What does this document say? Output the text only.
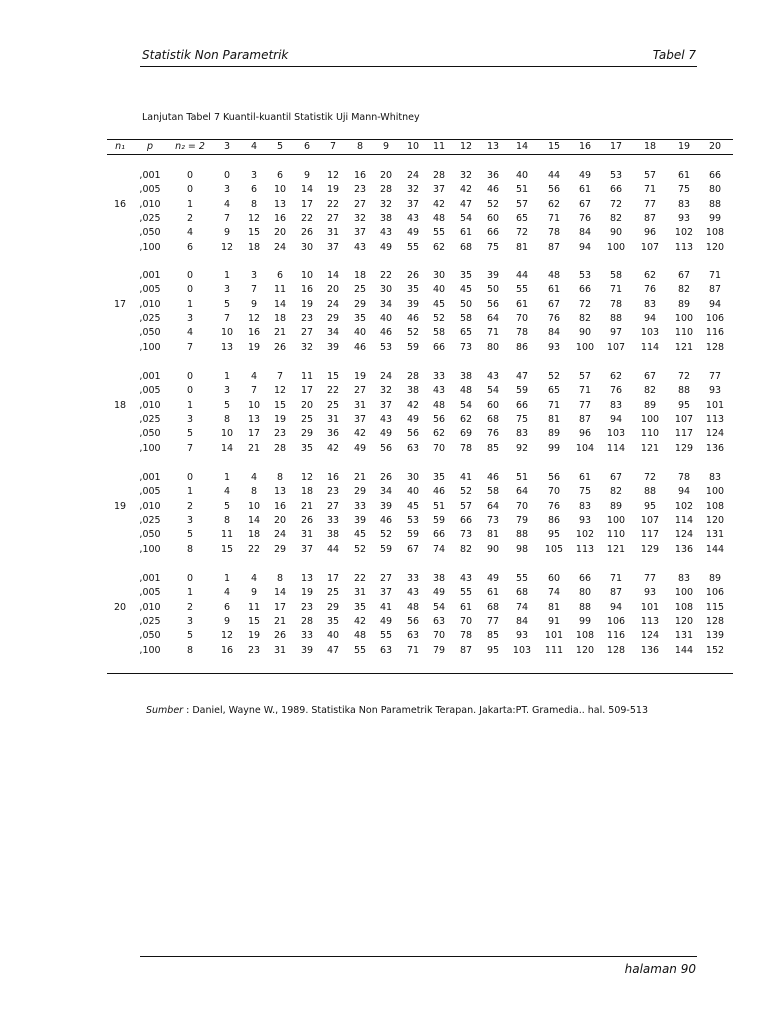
Statistik Non Parametrik	Tabel 7
Lanjutan Tabel 7 Kuantil-kuantil Statistik Uji Mann-Whitney
n₁ p n₂ = 2 3 4 5 6 7 8 9 10 11 12 13 14 15 16 17 18 19 20
16
,001	0	0 3 6 9 12 16 20 24 28 32 36 40 44 49 53 57 61 66
,005	0	3 6 10 14 19 23 28 32 37 42 46 51 56 61 66 71 75 80
,010	1	4 8 13 17 22 27 32 37 42 47 52 57 62 67 72 77 83 88
,025	2	7 12 16 22 27 32 38 43 48 54 60 65 71 76 82 87 93 99
,050	4	9 15 20 26 31 37 43 49 55 61 66 72 78 84 90 96 102 108
,100	6	12 18 24 30 37 43 49 55 62 68 75 81 87 94 100 107 113 120
17
,001	0	1 3 6 10 14 18 22 26 30 35 39 44 48 53 58 62 67 71
,005	0	3 7 11 16 20 25 30 35 40 45 50 55 61 66 71 76 82 87
,010	1	5 9 14 19 24 29 34 39 45 50 56 61 67 72 78 83 89 94
,025	3	7 12 18 23 29 35 40 46 52 58 64 70 76 82 88 94 100 106
,050	4	10 16 21 27 34 40 46 52 58 65 71 78 84 90 97 103 110 116
,100	7	13 19 26 32 39 46 53 59 66 73 80 86 93 100 107 114 121 128
18
,001	0	1 4 7 11 15 19 24 28 33 38 43 47 52 57 62 67 72 77
,005	0	3 7 12 17 22 27 32 38 43 48 54 59 65 71 76 82 88 93
,010	1	5 10 15 20 25 31 37 42 48 54 60 66 71 77 83 89 95 101
,025	3	8 13 19 25 31 37 43 49 56 62 68 75 81 87 94 100 107 113
,050	5	10 17 23 29 36 42 49 56 62 69 76 83 89 96 103 110 117 124
,100	7	14 21 28 35 42 49 56 63 70 78 85 92 99 104 114 121 129 136
19
,001	0	1 4 8 12 16 21 26 30 35 41 46 51 56 61 67 72 78 83
,005	1	4 8 13 18 23 29 34 40 46 52 58 64 70 75 82 88 94 100
,010	2	5 10 16 21 27 33 39 45 51 57 64 70 76 83 89 95 102 108
,025	3	8 14 20 26 33 39 46 53 59 66 73 79 86 93 100 107 114 120
,050	5	11 18 24 31 38 45 52 59 66 73 81 88 95 102 110 117 124 131
,100	8	15 22 29 37 44 52 59 67 74 82 90 98 105 113 121 129 136 144
20
,001	0	1 4 8 13 17 22 27 33 38 43 49 55 60 66 71 77 83 89
,005	1	4 9 14 19 25 31 37 43 49 55 61 68 74 80 87 93 100 106
,010	2	6 11 17 23 29 35 41 48 54 61 68 74 81 88 94 101 108 115
,025	3	9 15 21 28 35 42 49 56 63 70 77 84 91 99 106 113 120 128
,050	5	12 19 26 33 40 48 55 63 70 78 85 93 101 108 116 124 131 139
,100	8	16 23 31 39 47 55 63 71 79 87 95 103 111 120 128 136 144 152
Sumber : Daniel, Wayne W., 1989. Statistika Non Parametrik Terapan. Jakarta:PT. Gramedia.. hal. 509-513
halaman 90
